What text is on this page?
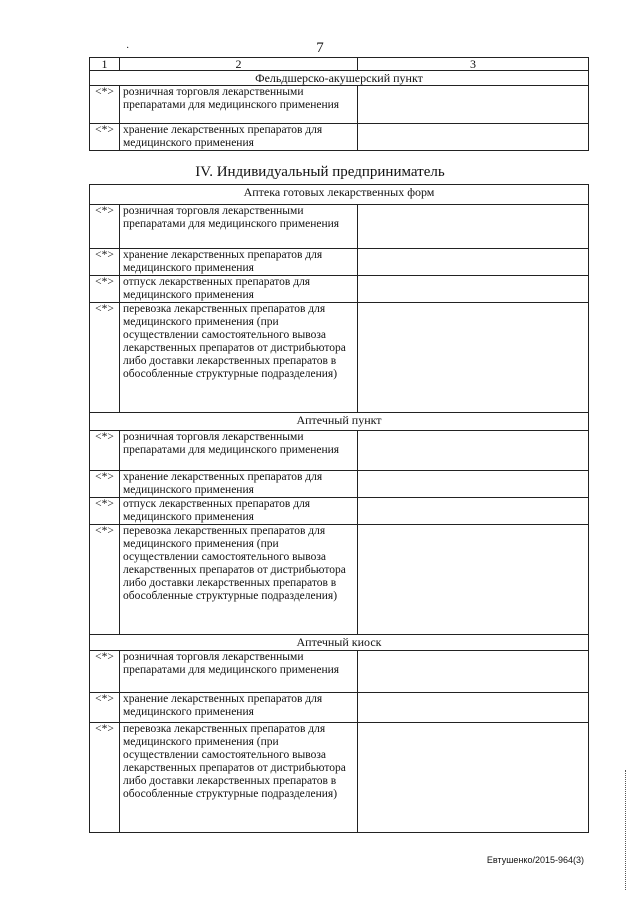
7
·
1	2	3
Фельдшерско-акушерский пункт		
<*>	розничная торговля лекарственными препаратами для медицинского применения	
<*>	хранение лекарственных препаратов для медицинского применения	
IV. Индивидуальный предприниматель
Аптека готовых лекарственных форм		
<*>	розничная торговля лекарственными препаратами для медицинского применения	
<*>	хранение лекарственных препаратов для медицинского применения	
<*>	отпуск лекарственных препаратов для медицинского применения	
<*>	перевозка лекарственных препаратов для медицинского применения (при осуществлении самостоятельного вывоза лекарственных препаратов от дистрибьютора либо доставки лекарственных препаратов в обособленные структурные подразделения)	
Аптечный пункт		
<*>	розничная торговля лекарственными препаратами для медицинского применения	
<*>	хранение лекарственных препаратов для медицинского применения	
<*>	отпуск лекарственных препаратов для медицинского применения	
<*>	перевозка лекарственных препаратов для медицинского применения (при осуществлении самостоятельного вывоза лекарственных препаратов от дистрибьютора либо доставки лекарственных препаратов в обособленные структурные подразделения)	
Аптечный киоск		
<*>	розничная торговля лекарственными препаратами для медицинского применения	
<*>	хранение лекарственных препаратов для медицинского применения	
<*>	перевозка лекарственных препаратов для медицинского применения (при осуществлении самостоятельного вывоза лекарственных препаратов от дистрибьютора либо доставки лекарственных препаратов в обособленные структурные подразделения)	
Евтушенко/2015-964(3)
